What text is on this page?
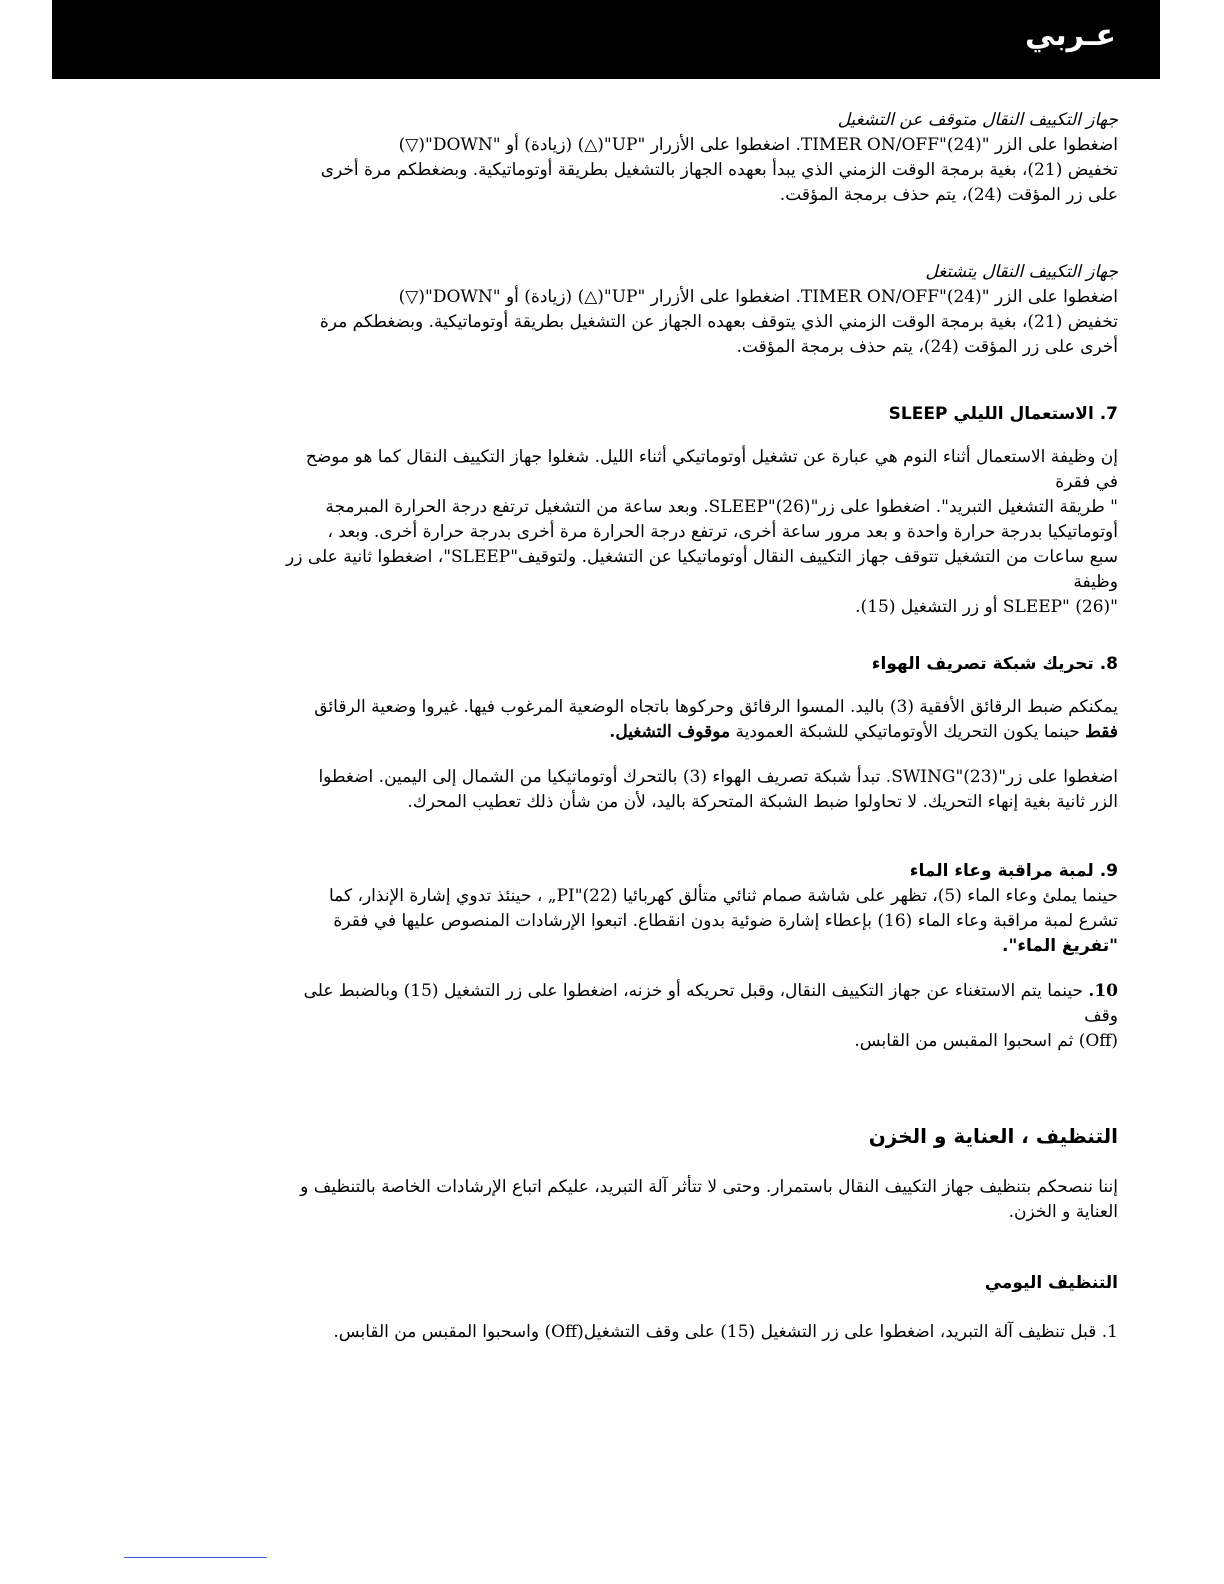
عـربي

جهاز التكييف النقال متوقف عن التشغيل

اضغطوا على الزر "TIMER ON/OFF"(24). اضغطوا على الأزرار "UP"(△) (زيادة) أو "DOWN"(▽)

تخفيض (21)، بغية برمجة الوقت الزمني الذي يبدأ بعهده الجهاز بالتشغيل بطريقة أوتوماتيكية. وبضغطكم مرة أخرى

على زر المؤقت (24)، يتم حذف برمجة المؤقت.

جهاز التكييف النقال يتشتغل

اضغطوا على الزر "TIMER ON/OFF"(24). اضغطوا على الأزرار "UP"(△) (زيادة) أو "DOWN"(▽)

تخفيض (21)، بغية برمجة الوقت الزمني الذي يتوقف بعهده الجهاز عن التشغيل بطريقة أوتوماتيكية. وبضغطكم مرة

أخرى على زر المؤقت (24)، يتم حذف برمجة المؤقت.

7. الاستعمال الليلي SLEEP

إن وظيفة الاستعمال أثناء النوم هي عبارة عن تشغيل أوتوماتيكي أثناء الليل. شغلوا جهاز التكييف النقال كما هو موضح

في فقرة

" طريقة التشغيل التبريد". اضغطوا على زر"SLEEP"(26). وبعد ساعة من التشغيل ترتفع درجة الحرارة المبرمجة

أوتوماتيكيا بدرجة حرارة واحدة و بعد مرور ساعة أخرى، ترتفع درجة الحرارة مرة أخرى بدرجة حرارة أخرى. وبعد ،

سبع ساعات من التشغيل تتوقف جهاز التكييف النقال أوتوماتيكيا عن التشغيل. ولتوقيف"SLEEP"، اضغطوا ثانية على زر

وظيفة

"SLEEP" (26) أو زر التشغيل (15).

8. تحريك شبكة تصريف الهواء

يمكنكم ضبط الرقائق الأفقية (3) باليد. المسوا الرقائق وحركوها باتجاه الوضعية المرغوب فيها. غيروا وضعية الرقائق

فقط حينما يكون التحريك الأوتوماتيكي للشبكة العمودية موقوف التشغيل.

اضغطوا على زر"SWING"(23). تبدأ شبكة تصريف الهواء (3) بالتحرك أوتوماتيكيا من الشمال إلى اليمين. اضغطوا

الزر ثانية بغية إنهاء التحريك. لا تحاولوا ضبط الشبكة المتحركة باليد، لأن من شأن ذلك تعطيب المحرك.

9. لمبة مراقبة وعاء الماء

حينما يملئ وعاء الماء (5)، تظهر على شاشة صمام ثنائي متألق كهربائيا (22)"PI„ ، حينئذ تدوي إشارة الإنذار، كما

تشرع لمبة مراقبة وعاء الماء (16) بإعطاء إشارة ضوئية بدون انقطاع. اتبعوا الإرشادات المنصوص عليها في فقرة

"تفريغ الماء".

10. حينما يتم الاستغناء عن جهاز التكييف النقال، وقبل تحريكه أو خزنه، اضغطوا على زر التشغيل (15) وبالضبط على

وقف

(Off) ثم اسحبوا المقبس من القابس.

التنظيف ، العناية و الخزن

إننا ننصحكم بتنظيف جهاز التكييف النقال باستمرار. وحتى لا تتأثر آلة التبريد، عليكم اتباع الإرشادات الخاصة بالتنظيف و

العناية و الخزن.

التنظيف اليومي

1. قبل تنظيف آلة التبريد، اضغطوا على زر التشغيل (15) على وقف التشغيل(Off) واسحبوا المقبس من القابس.
